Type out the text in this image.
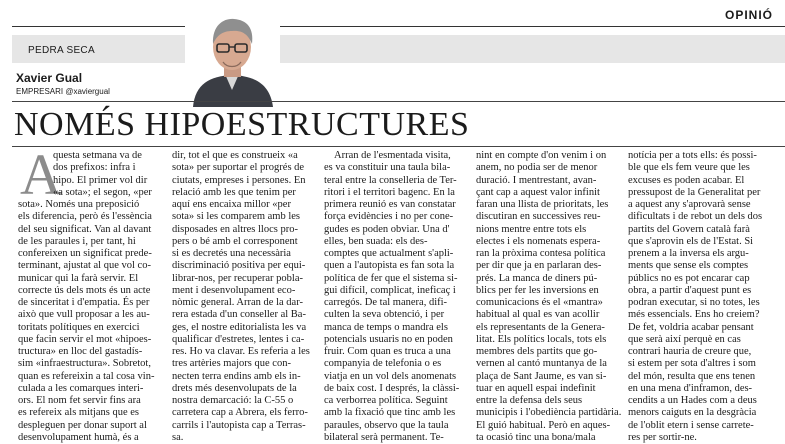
OPINIÓ
PEDRA SECA
Xavier Gual
EMPRESARI @xaviergual
NOMÉS HIPOESTRUCTURES
A
questa setmana va de
dos prefixos: infra i
hipo. El primer vol dir
«a sota»; el segon, «per
sota». Només una preposició
els diferencia, però és l'essència
del seu significat. Van al davant
de les paraules i, per tant, hi
confereixen un significat prede-
terminant, ajustat al que vol co-
municar qui la farà servir. El
correcte ús dels mots és un acte
de sinceritat i d'empatia. És per
això que vull proposar a les au-
toritats polítiques en exercici
que facin servir el mot «hipoes-
tructura» en lloc del gastadís-
sim «infraestructura». Sobretot,
quan es refereixin a tal cosa vin-
culada a les comarques interi-
ors. El nom fet servir fins ara
es refereix als mitjans que es
despleguen per donar suport al
desenvolupament humà, és a
dir, tot el que es construeix «a
sota» per suportar el progrés de
ciutats, empreses i persones. En
relació amb les que tenim per
aquí ens encaixa millor «per
sota» si les comparem amb les
disposades en altres llocs pro-
pers o bé amb el corresponent
si es decretés una necessària
discriminació positiva per equi-
librar-nos, per recuperar pobla-
ment i desenvolupament eco-
nòmic general. Arran de la dar-
rera estada d'un conseller al Ba-
ges, el nostre editorialista les va
qualificar d'estretes, lentes i ca-
res. Ho va clavar. Es referia a les
tres artèries majors que con-
necten terra endins amb els in-
drets més desenvolupats de la
nostra demarcació: la C-55 o
carretera cap a Abrera, els ferro-
carrils i l'autopista cap a Terras-
sa.
Arran de l'esmentada visita,
es va constituir una taula bila-
teral entre la conselleria de Ter-
ritori i el territori bagenc. En la
primera reunió es van constatar
força evidències i no per cone-
gudes es poden obviar. Una d'
elles, ben suada: els des-
comptes que actualment s'apli-
quen a l'autopista es fan sota la
política de fer que el sistema si-
gui difícil, complicat, ineficaç i
carregós. De tal manera, difi-
culten la seva obtenció, i per
manca de temps o mandra els
potencials usuaris no en poden
fruir. Com quan es truca a una
companyia de telefonia o es
viatja en un vol dels anomenats
de baix cost. I després, la clàssi-
ca verborrea política. Seguint
amb la fixació que tinc amb les
paraules, observo que la taula
bilateral serà permanent. Te-
nint en compte d'on venim i on
anem, no podia ser de menor
duració. I mentrestant, avan-
çant cap a aquest valor infinit
faran una llista de prioritats, les
discutiran en successives reu-
nions mentre entre tots els
electes i els nomenats espera-
ran la pròxima contesa política
per dir que ja en parlaran des-
prés. La manca de diners pú-
blics per fer les inversions en
comunicacions és el «mantra»
habitual al qual es van acollir
els representants de la Genera-
litat. Els polítics locals, tots els
membres dels partits que go-
vernen al cantó muntanya de la
plaça de Sant Jaume, es van si-
tuar en aquell espai indefinit
entre la defensa dels seus
municipis i l'obediència partidària.
El guió habitual. Però en aques-
ta ocasió tinc una bona/mala
notícia per a tots ells: és possi-
ble que els fem veure que les
excuses es poden acabar. El
pressupost de la Generalitat per
a aquest any s'aprovarà sense
dificultats i de rebot un dels dos
partits del Govern català farà
que s'aprovin els de l'Estat. Si
prenem a la inversa els argu-
ments que sense els comptes
públics no es pot encarar cap
obra, a partir d'aquest punt es
podran executar, si no totes, les
més essencials. Ens ho creiem?
De fet, voldria acabar pensant
que serà així perquè en cas
contrari hauria de creure que,
si estem per sota d'altres i som
del món, resulta que ens tenen
en una mena d'inframon, des-
cendits a un Hades com a deus
menors caiguts en la desgràcia
de l'oblit etern i sense carrete-
res per sortir-ne.
